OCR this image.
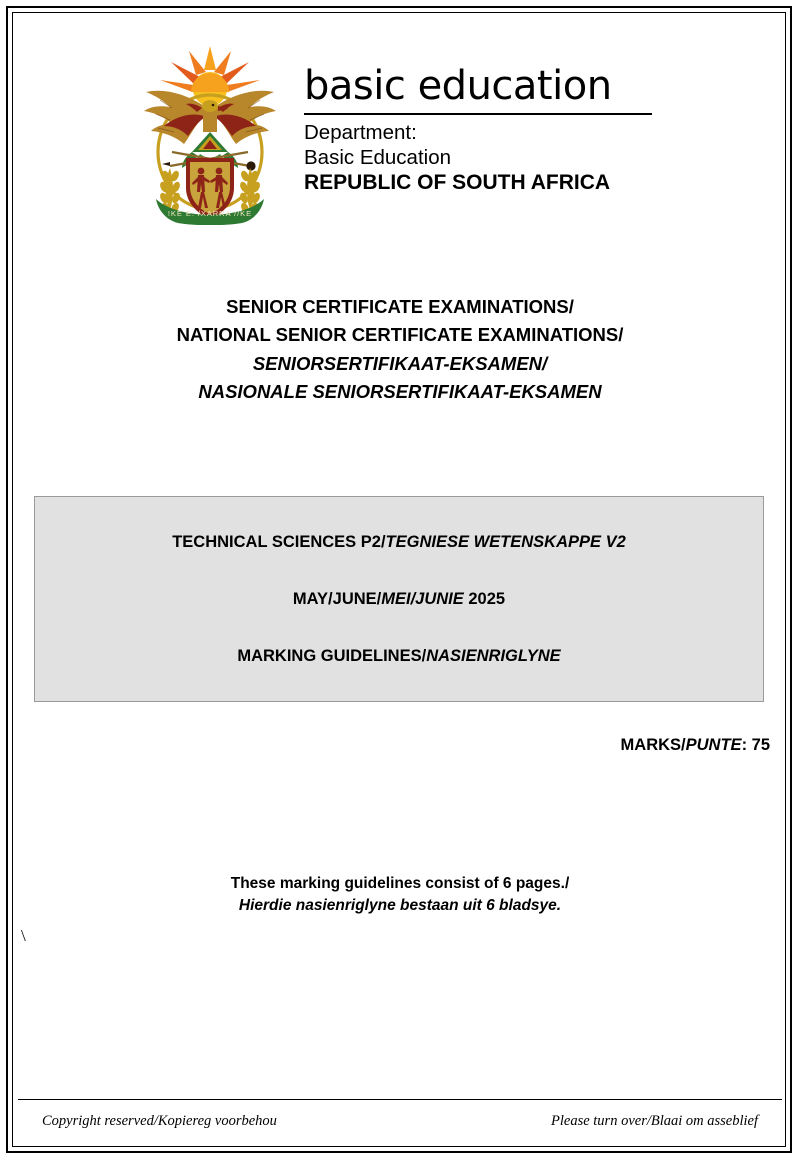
!KE E: /XARRA //KE
basic education
Department:
Basic Education
REPUBLIC OF SOUTH AFRICA
SENIOR CERTIFICATE EXAMINATIONS/
NATIONAL SENIOR CERTIFICATE EXAMINATIONS/
SENIORSERTIFIKAAT-EKSAMEN/
NASIONALE SENIORSERTIFIKAAT-EKSAMEN
TECHNICAL SCIENCES P2/TEGNIESE WETENSKAPPE V2
MAY/JUNE/MEI/JUNIE 2025
MARKING GUIDELINES/NASIENRIGLYNE
MARKS/PUNTE: 75
These marking guidelines consist of 6 pages./
Hierdie nasienriglyne bestaan uit 6 bladsye.
\
Copyright reserved/Kopiereg voorbehou	Please turn over/Blaai om asseblief
